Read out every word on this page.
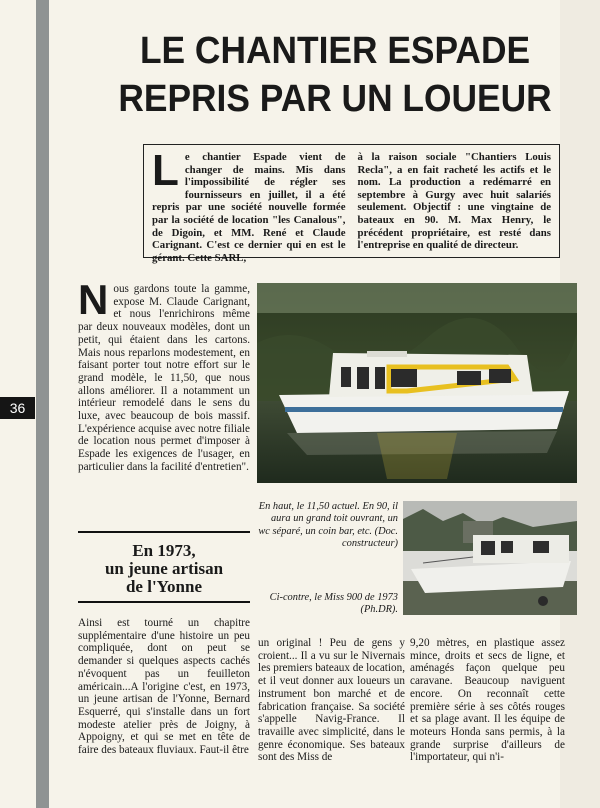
36
LE CHANTIER ESPADE
REPRIS PAR UN LOUEUR
Le chantier Espade vient de changer de mains. Mis dans l'impossibilité de régler ses fournisseurs en juillet, il a été repris par une société nouvelle formée par la société de location "les Canalous", de Digoin, et MM. René et Claude Carignant. C'est ce dernier qui en est le gérant. Cette SARL,
à la raison sociale "Chantiers Louis Recla", a en fait racheté les actifs et le nom. La production a redémarré en septembre à Gurgy avec huit salariés seulement. Objectif : une vingtaine de bateaux en 90. M. Max Henry, le précédent propriétaire, est resté dans l'entreprise en qualité de directeur.
Nous gardons toute la gamme, expose M. Claude Carignant, et nous l'enrichirons même par deux nouveaux modèles, dont un petit, qui étaient dans les cartons. Mais nous reparlons modestement, en faisant porter tout notre effort sur le grand modèle, le 11,50, que nous allons améliorer. Il a notamment un intérieur remodelé dans le sens du luxe, avec beaucoup de bois massif. L'expérience acquise avec notre filiale de location nous permet d'imposer à Espade les exigences de l'usager, en particulier dans la facilité d'entretien".
En haut, le 11,50 actuel. En 90, il aura un grand toit ouvrant, un wc séparé, un coin bar, etc. (Doc. constructeur)
Ci-contre, le Miss 900 de 1973 (Ph.DR).
En 1973,
un jeune artisan
de l'Yonne
Ainsi est tourné un chapitre supplémentaire d'une histoire un peu compliquée, dont on peut se demander si quelques aspects cachés n'évoquent pas un feuilleton américain...A l'origine c'est, en 1973, un jeune artisan de l'Yonne, Bernard Esquerré, qui s'installe dans un fort modeste atelier près de Joigny, à Appoigny, et qui se met en tête de faire des bateaux fluviaux. Faut-il être
un original ! Peu de gens y croient... Il a vu sur le Nivernais les premiers bateaux de location, et il veut donner aux loueurs un instrument bon marché et de fabrication française. Sa société s'appelle Navig-France. Il travaille avec simplicité, dans le genre économique. Ses bateaux sont des Miss de
9,20 mètres, en plastique assez mince, droits et secs de ligne, et aménagés façon quelque peu caravane. Beaucoup naviguent encore. On reconnaît cette première série à ses côtés rouges et sa plage avant. Il les équipe de moteurs Honda sans permis, à la grande surprise d'ailleurs de l'importateur, qui n'i-
